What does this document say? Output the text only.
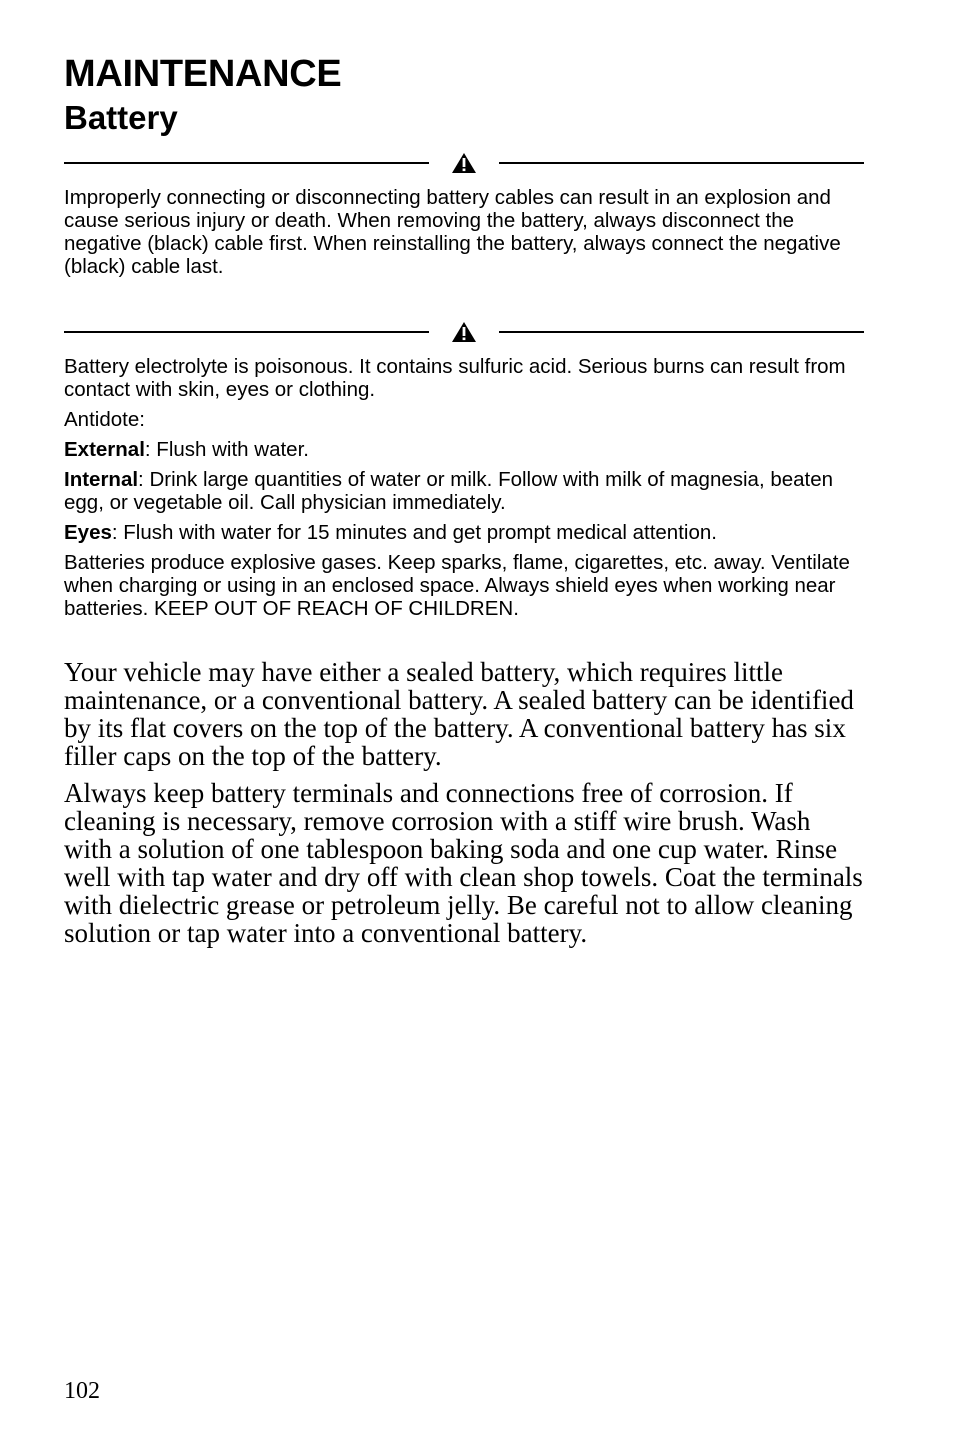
MAINTENANCE
Battery

Improperly connecting or disconnecting battery cables can result in an explosion and cause serious injury or death. When removing the battery, always disconnect the negative (black) cable first. When reinstalling the battery, always connect the negative (black) cable last.

Battery electrolyte is poisonous. It contains sulfuric acid. Serious burns can result from contact with skin, eyes or clothing.

Antidote:

External: Flush with water.

Internal: Drink large quantities of water or milk. Follow with milk of magnesia, beaten egg, or vegetable oil. Call physician immediately.

Eyes: Flush with water for 15 minutes and get prompt medical attention.

Batteries produce explosive gases. Keep sparks, flame, cigarettes, etc. away. Ventilate when charging or using in an enclosed space. Always shield eyes when working near batteries. KEEP OUT OF REACH OF CHILDREN.

Your vehicle may have either a sealed battery, which requires little maintenance, or a conventional battery. A sealed battery can be identified by its flat covers on the top of the battery. A conventional battery has six filler caps on the top of the battery.

Always keep battery terminals and connections free of corrosion. If cleaning is necessary, remove corrosion with a stiff wire brush. Wash with a solution of one tablespoon baking soda and one cup water. Rinse well with tap water and dry off with clean shop towels. Coat the terminals with dielectric grease or petroleum jelly. Be careful not to allow cleaning solution or tap water into a conventional battery.

102
